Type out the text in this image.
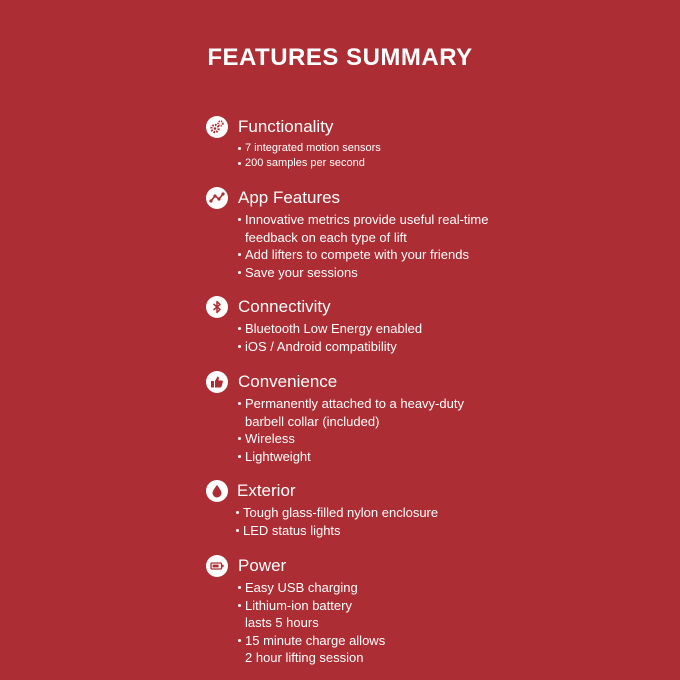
FEATURES SUMMARY
Functionality
7 integrated motion sensors
200 samples per second
App Features
Innovative metrics provide useful real-time
feedback on each type of lift
Add lifters to compete with your friends
Save your sessions
Connectivity
Bluetooth Low Energy enabled
iOS / Android compatibility
Convenience
Permanently attached to a heavy-duty
barbell collar (included)
Wireless
Lightweight
Exterior
Tough glass-filled nylon enclosure
LED status lights
Power
Easy USB charging
Lithium-ion battery
lasts 5 hours
15 minute charge allows
2 hour lifting session
